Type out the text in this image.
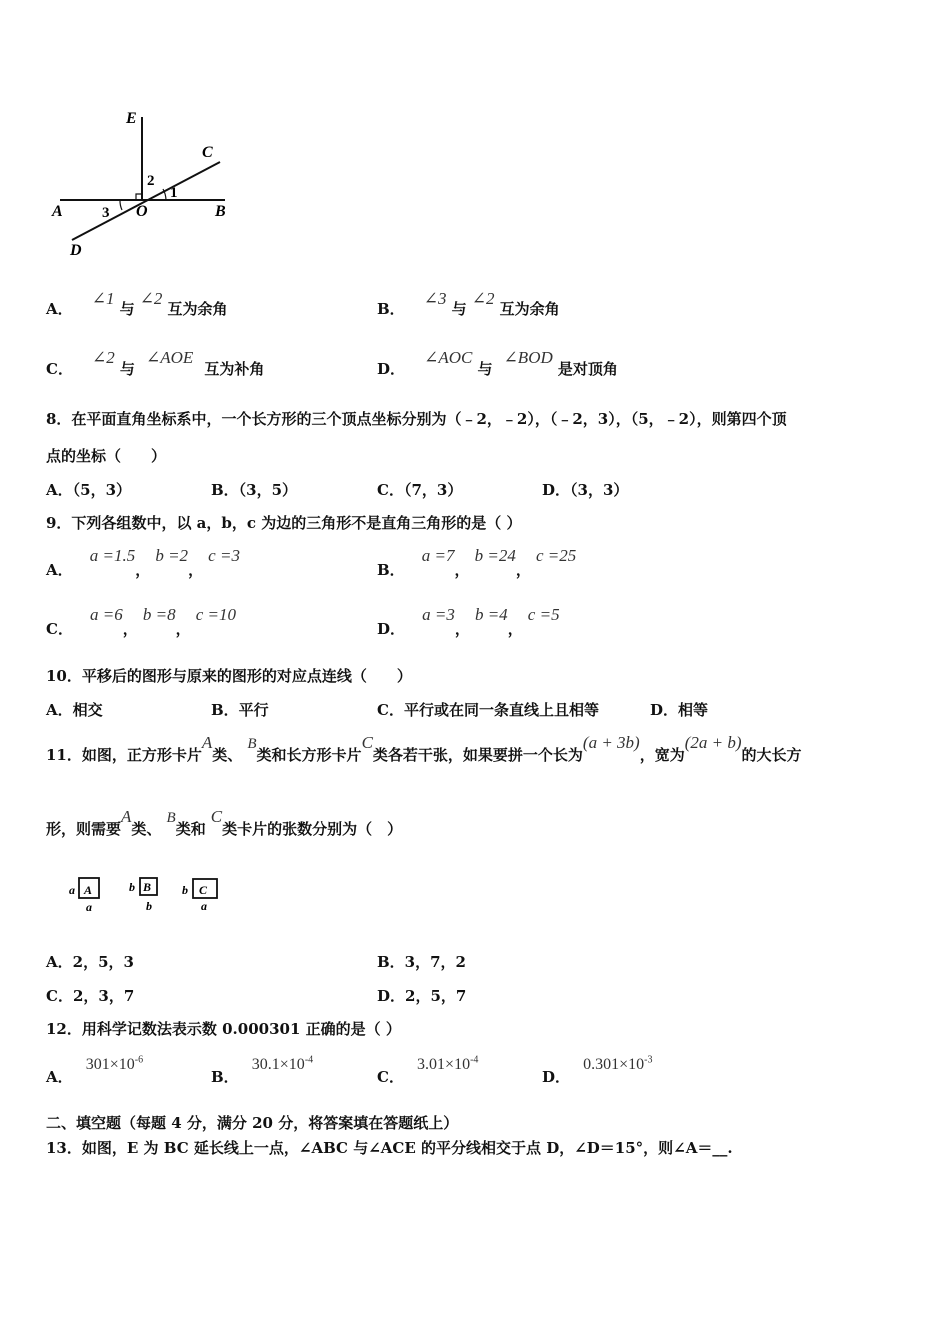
E
C
A	O	B
D
1
2
3
A． ∠1 与 ∠2 互为余角	B． ∠3 与 ∠2 互为余角
C． ∠2 与 ∠AOE 互为补角	D． ∠AOC 与 ∠BOD 是对顶角
8．在平面直角坐标系中，一个长方形的三个顶点坐标分别为（﹣2，﹣2），（﹣2，3），（5，﹣2），则第四个顶
点的坐标（　　）
A．（5，3）	B．（3，5）	C．（7，3）	D．（3，3）
9．下列各组数中，以 a，b，c 为边的三角形不是直角三角形的是（ ）
A． a =1.5， b =2， c =3
B． a =7， b =24， c =25
C． a =6， b =8， c =10
D． a =3， b =4， c =5
10．平移后的图形与原来的图形的对应点连线（　　）
A．相交	B．平行	C．平行或在同一条直线上且相等	D．相等
11．如图，正方形卡片A类、 B类和长方形卡片C类各若干张，如果要拼一个长为(a + 3b)，宽为(2a + b)的大长方
形，则需要A类、 B类和 C类卡片的张数分别为（　）
A
a
a
B
b
b
C
b
a
A．2，5，3	B．3，7，2
C．2，3，7	D．2，5，7
12．用科学记数法表示数 0.000301 正确的是（ ）
A． $301\times 10^{-6}$
B． $30.1\times 10^{-4}$
C． $3.01\times 10^{-4}$
D． $0.301\times 10^{-3}$
二、填空题（每题 4 分，满分 20 分，将答案填在答题纸上）
13．如图，E 为 BC 延长线上一点，∠ABC 与∠ACE 的平分线相交于点 D，∠D＝15°，则∠A＝__.
